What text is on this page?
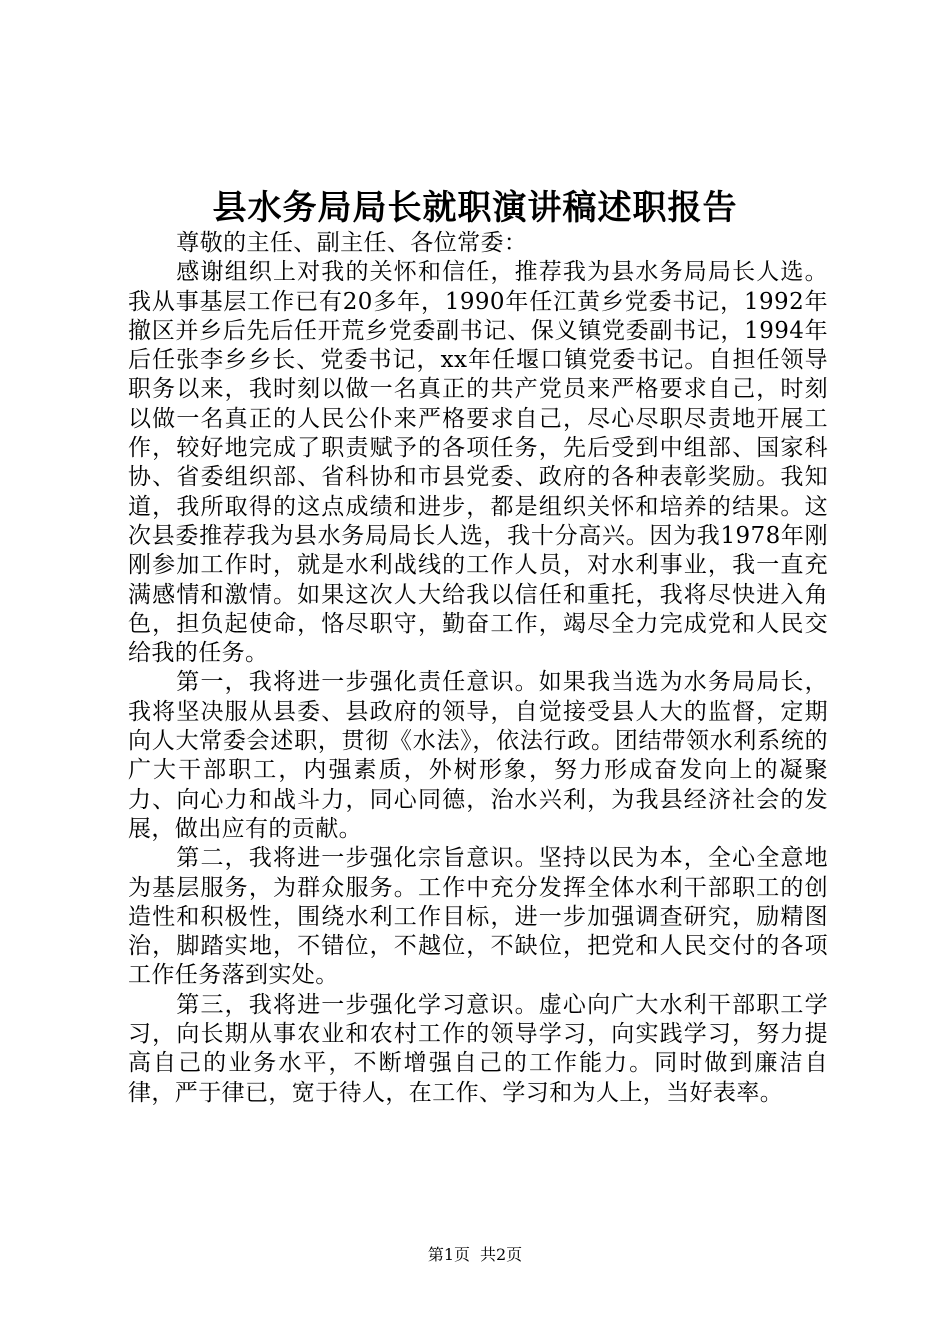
县水务局局长就职演讲稿述职报告

尊敬的主任、副主任、各位常委：

感谢组织上对我的关怀和信任，推荐我为县水务局局长人选。我从事基层工作已有20多年，1990年任江黄乡党委书记，1992年撤区并乡后先后任开荒乡党委副书记、保义镇党委副书记，1994年后任张李乡乡长、党委书记，xx年任堰口镇党委书记。自担任领导职务以来，我时刻以做一名真正的共产党员来严格要求自己，时刻以做一名真正的人民公仆来严格要求自己，尽心尽职尽责地开展工作，较好地完成了职责赋予的各项任务，先后受到中组部、国家科协、省委组织部、省科协和市县党委、政府的各种表彰奖励。我知道，我所取得的这点成绩和进步，都是组织关怀和培养的结果。这次县委推荐我为县水务局局长人选，我十分高兴。因为我1978年刚刚参加工作时，就是水利战线的工作人员，对水利事业，我一直充满感情和激情。如果这次人大给我以信任和重托，我将尽快进入角色，担负起使命，恪尽职守，勤奋工作，竭尽全力完成党和人民交给我的任务。

第一，我将进一步强化责任意识。如果我当选为水务局局长，我将坚决服从县委、县政府的领导，自觉接受县人大的监督，定期向人大常委会述职，贯彻《水法》，依法行政。团结带领水利系统的广大干部职工，内强素质，外树形象，努力形成奋发向上的凝聚力、向心力和战斗力，同心同德，治水兴利，为我县经济社会的发展，做出应有的贡献。

第二，我将进一步强化宗旨意识。坚持以民为本，全心全意地为基层服务，为群众服务。工作中充分发挥全体水利干部职工的创造性和积极性，围绕水利工作目标，进一步加强调查研究，励精图治，脚踏实地，不错位，不越位，不缺位，把党和人民交付的各项工作任务落到实处。

第三，我将进一步强化学习意识。虚心向广大水利干部职工学习，向长期从事农业和农村工作的领导学习，向实践学习，努力提高自己的业务水平，不断增强自己的工作能力。同时做到廉洁自律，严于律已，宽于待人，在工作、学习和为人上，当好表率。

第1页 共2页
